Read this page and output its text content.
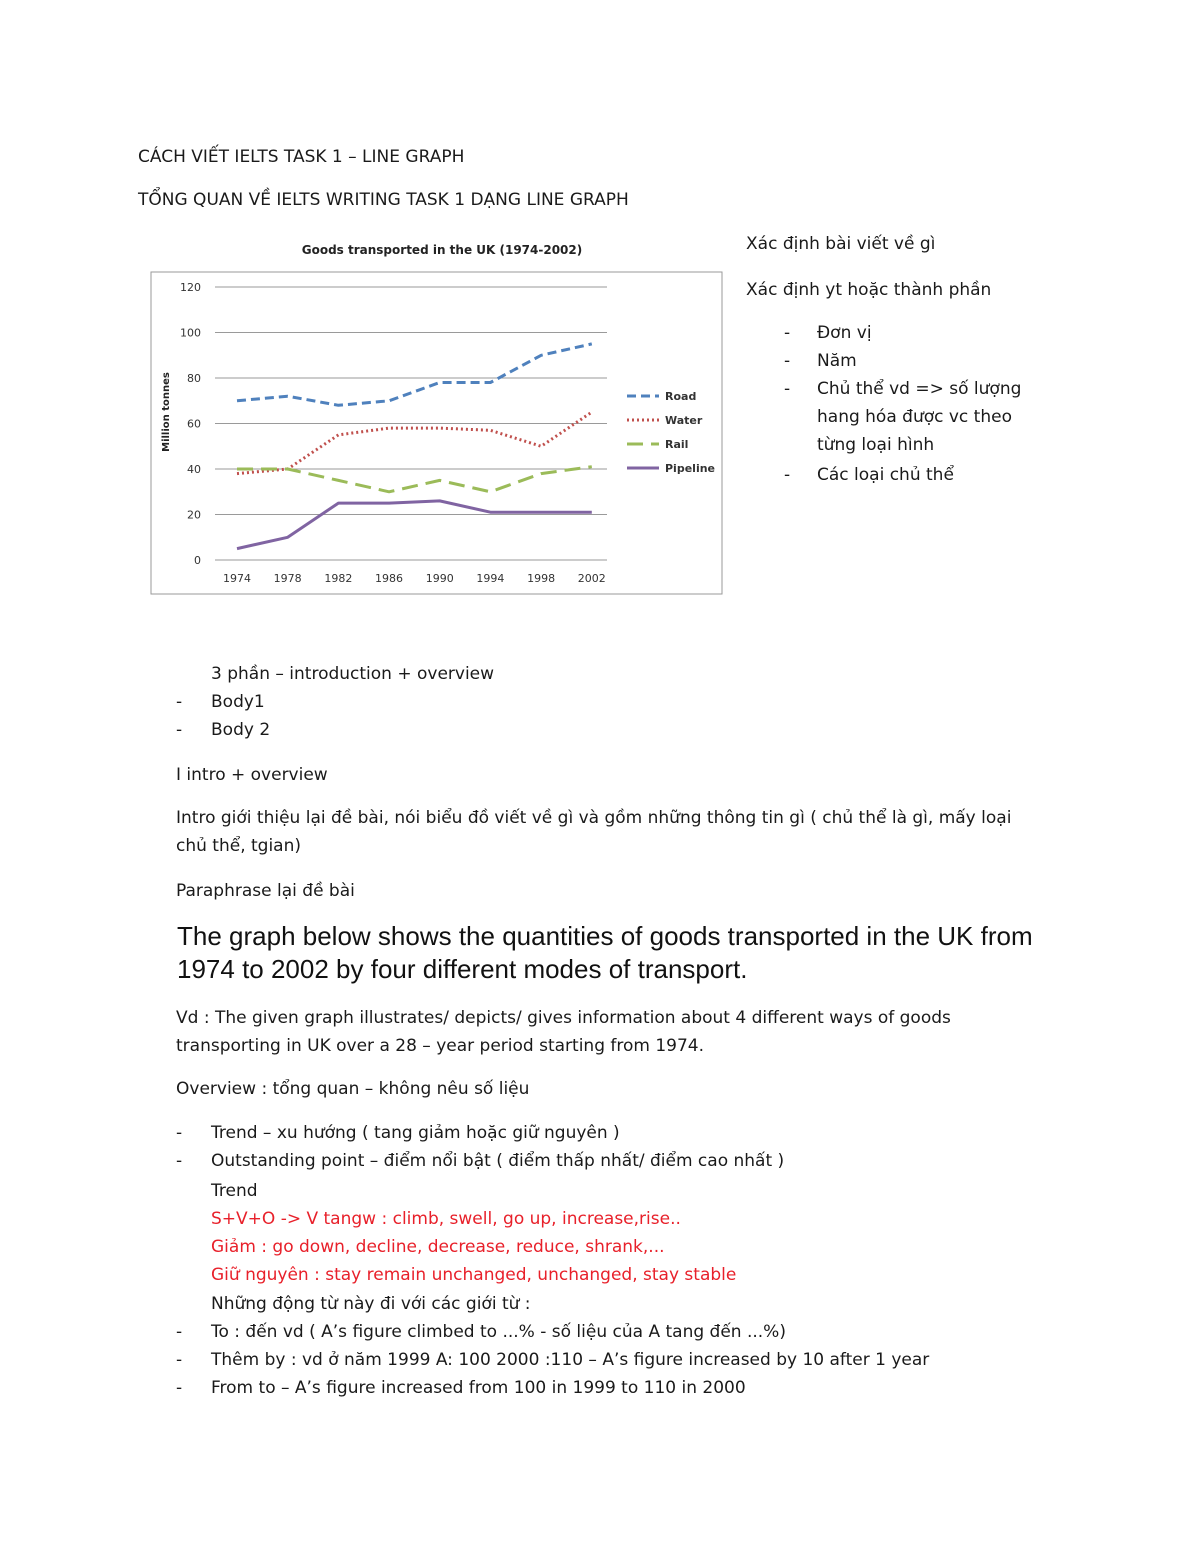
CÁCH VIẾT IELTS TASK 1 – LINE GRAPH
TỔNG QUAN VỀ IELTS WRITING TASK 1 DẠNG LINE GRAPH
Goods transported in the UK (1974-2002)
0
20
40
60
80
100
120
1974 1978 1982 1986 1990 1994 1998 2002
Million tonnes	Road
Water
Rail
Pipeline
Xác định bài viết về gì
Xác định yt hoặc thành phần
- Đơn vị
- Năm
- Chủ thể vd => số lượng
hang hóa được vc theo
từng loại hình
- Các loại chủ thể
3 phần – introduction + overview
- Body1
- Body 2
I intro + overview
Intro giới thiệu lại đề bài, nói biểu đồ viết về gì và gồm những thông tin gì ( chủ thể là gì, mấy loại
chủ thể, tgian)
Paraphrase lại đề bài
The graph below shows the quantities of goods transported in the UK from
1974 to 2002 by four different modes of transport.
Vd : The given graph illustrates/ depicts/ gives information about 4 different ways of goods
transporting in UK over a 28 – year period starting from 1974.
Overview : tổng quan – không nêu số liệu
- Trend – xu hướng ( tang giảm hoặc giữ nguyên )
- Outstanding point – điểm nổi bật ( điểm thấp nhất/ điểm cao nhất )
Trend
S+V+O -> V tangw : climb, swell, go up, increase,rise..
Giảm : go down, decline, decrease, reduce, shrank,...
Giữ nguyên : stay remain unchanged, unchanged, stay stable
Những động từ này đi với các giới từ :
- To : đến vd ( A’s figure climbed to ...% - số liệu của A tang đến ...%)
- Thêm by : vd ở năm 1999 A: 100 2000 :110 – A’s figure increased by 10 after 1 year
- From to – A’s figure increased from 100 in 1999 to 110 in 2000
